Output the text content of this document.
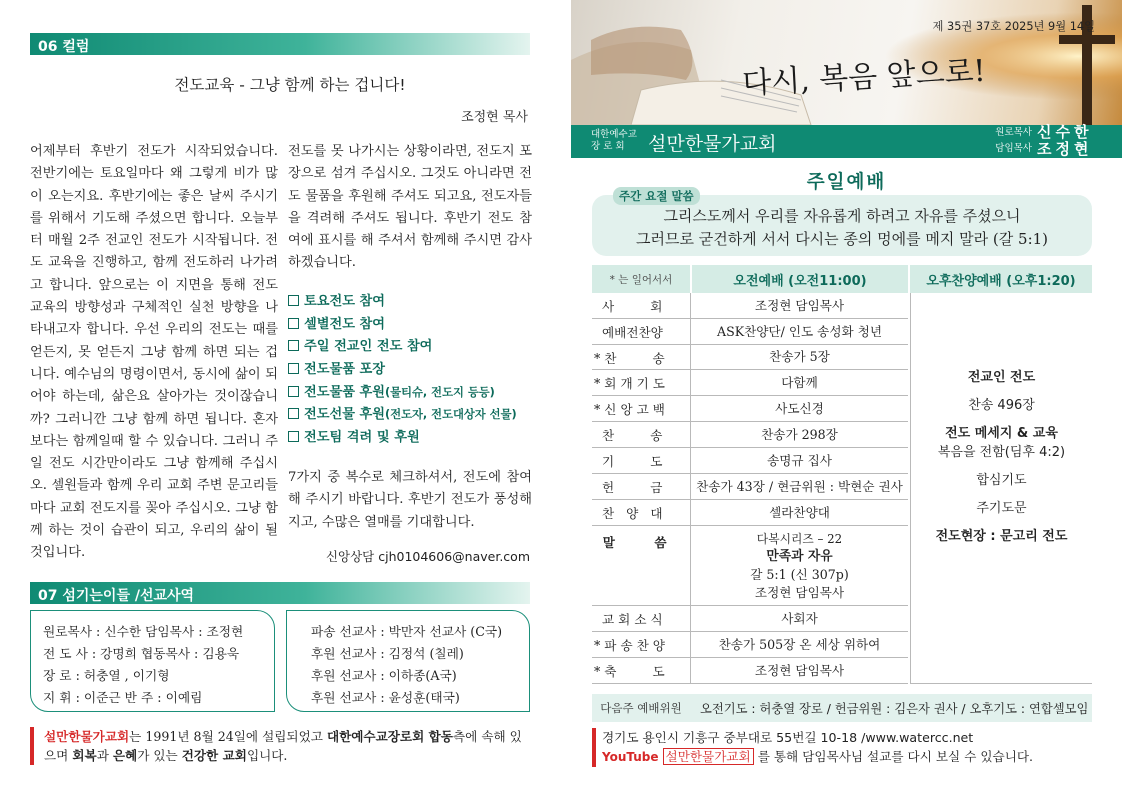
06 컬럼
전도교육 - 그냥 함께 하는 겁니다!
조정현 목사
어제부터 후반기 전도가 시작되었습니다. 전반기에는 토요일마다 왜 그렇게 비가 많이 오는지요. 후반기에는 좋은 날씨 주시기를 위해서 기도해 주셨으면 합니다. 오늘부터 매월 2주 전교인 전도가 시작됩니다. 전도 교육을 진행하고, 함께 전도하러 나가려고 합니다. 앞으로는 이 지면을 통해 전도 교육의 방향성과 구체적인 실천 방향을 나타내고자 합니다. 우선 우리의 전도는 때를 얻든지, 못 얻든지 그냥 함께 하면 되는 겁니다. 예수님의 명령이면서, 동시에 삶이 되어야 하는데, 삶은요 살아가는 것이잖습니까? 그러니깐 그냥 함께 하면 됩니다. 혼자보다는 함께일때 할 수 있습니다. 그러니 주일 전도 시간만이라도 그냥 함께해 주십시오. 셀원들과 함께 우리 교회 주변 문고리들마다 교회 전도지를 꽂아 주십시오. 그냥 함께 하는 것이 습관이 되고, 우리의 삶이 될 것입니다.
전도를 못 나가시는 상황이라면, 전도지 포장으로 섬겨 주십시오. 그것도 아니라면 전도 물품을 후원해 주셔도 되고요, 전도자들을 격려해 주셔도 됩니다. 후반기 전도 참여에 표시를 해 주셔서 함께해 주시면 감사하겠습니다.
토요전도 참여
셀별전도 참여
주일 전교인 전도 참여
전도물품 포장
전도물품 후원(물티슈, 전도지 등등)
전도선물 후원(전도자, 전도대상자 선물)
전도팀 격려 및 후원
7가지 중 복수로 체크하셔서, 전도에 참여해 주시기 바랍니다. 후반기 전도가 풍성해 지고, 수많은 열매를 기대합니다.
신앙상담 cjh0104606@naver.com
07 섬기는이들 /선교사역
원로목사 : 신수한 담임목사 : 조정현
전 도 사 : 강명희 협동목사 : 김용욱
장 로 : 허충열 , 이기형
지 휘 : 이준근 반 주 : 이예림
파송 선교사 : 박만자 선교사 (C국)
후원 선교사 : 김정석 (칠레)
후원 선교사 : 이하종(A국)
후원 선교사 : 윤성훈(태국)
설만한물가교회는 1991년 8월 24일에 설립되었고 대한예수교장로회 합동측에 속해 있으며 회복과 은혜가 있는 건강한 교회입니다.
제 35권 37호 2025년 9월 14일
다시, 복음 앞으로!
대한예수교
장 로 회	설만한물가교회
원로목사
담임목사
신수한
조정현
주일예배
주간 요절 말씀
그리스도께서 우리를 자유롭게 하려고 자유를 주셨으니
그러므로 굳건하게 서서 다시는 종의 멍에를 메지 말라 (갈 5:1)
* 는 일어서서	오전예배 (오전11:00)	오후찬양예배 (오후1:20)
사         회	조정현 담임목사
예배전찬양	ASK찬양단/ 인도 송성화 청년
* 찬         송	찬송가 5장
* 회 개 기 도	다함께
* 신 앙 고 백	사도신경
찬         송	찬송가 298장
기         도	송명규 집사
헌         금	찬송가 43장 / 현금위원 : 박현순 권사
찬   양   대	셀라찬양대
말         씀	다복시리즈 – 22
만족과 자유
갈 5:1 (신 307p)
조정현 담임목사
교 회 소 식	사회자
* 파 송 찬 양	찬송가 505장 온 세상 위하여
* 축         도	조정현 담임목사
전교인 전도
찬송 496장
전도 메세지 & 교육
복음을 전함(딤후 4:2)
합심기도
주기도문
전도현장 : 문고리 전도
다음주 예배위원	오전기도 : 허충열 장로 / 헌금위원 : 김은자 권사 / 오후기도 : 연합셀모임
경기도 용인시 기흥구 중부대로 55번길 10-18 /www.watercc.net
YouTube 설만한물가교회 를 통해 담임목사님 설교를 다시 보실 수 있습니다.
